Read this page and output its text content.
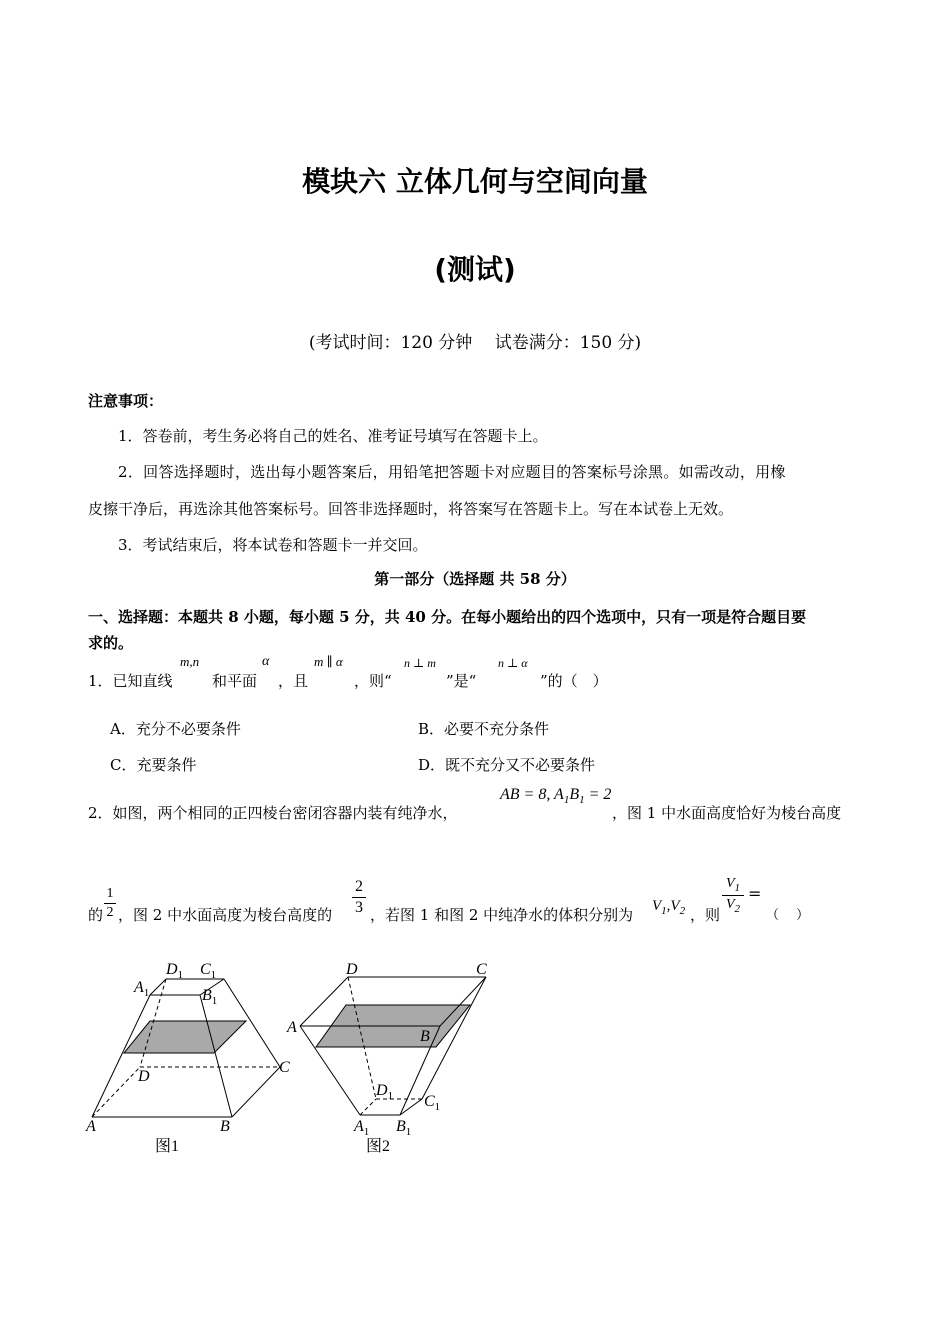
模块六 立体几何与空间向量
(测试)
(考试时间：120 分钟　 试卷满分：150 分)
注意事项：
1．答卷前，考生务必将自己的姓名、准考证号填写在答题卡上。
2．回答选择题时，选出每小题答案后，用铅笔把答题卡对应题目的答案标号涂黑。如需改动，用橡
皮擦干净后，再选涂其他答案标号。回答非选择题时，将答案写在答题卡上。写在本试卷上无效。
3．考试结束后，将本试卷和答题卡一并交回。
第一部分（选择题 共 58 分）
一、选择题：本题共 8 小题，每小题 5 分，共 40 分。在每小题给出的四个选项中，只有一项是符合题目要
求的。
1．已知直线
m,n
和平面
α
，且
m ∥ α
，则“
n ⊥ m
”是“
n ⊥ α
”的（　）
A．充分不必要条件	B．必要不充分条件
C．充要条件	D．既不充分又不必要条件
2．如图，两个相同的正四棱台密闭容器内装有纯净水，
AB = 8, $A_1B_1 = 2$
，图 1 中水面高度恰好为棱台高度
的
1
2 ，图 2 中水面高度为棱台高度的
2
3 ，若图 1 和图 2 中纯净水的体积分别为 $V_1,V_2$ ，则
$V_1$
$V_2$
=
（　 ）
$A_1$
$D_1$ $C_1$
$B_1$
D
C
A	B
图1
D	C
A
B
$D_1$ $C_1$
$A_1$ $B_1$
图2
